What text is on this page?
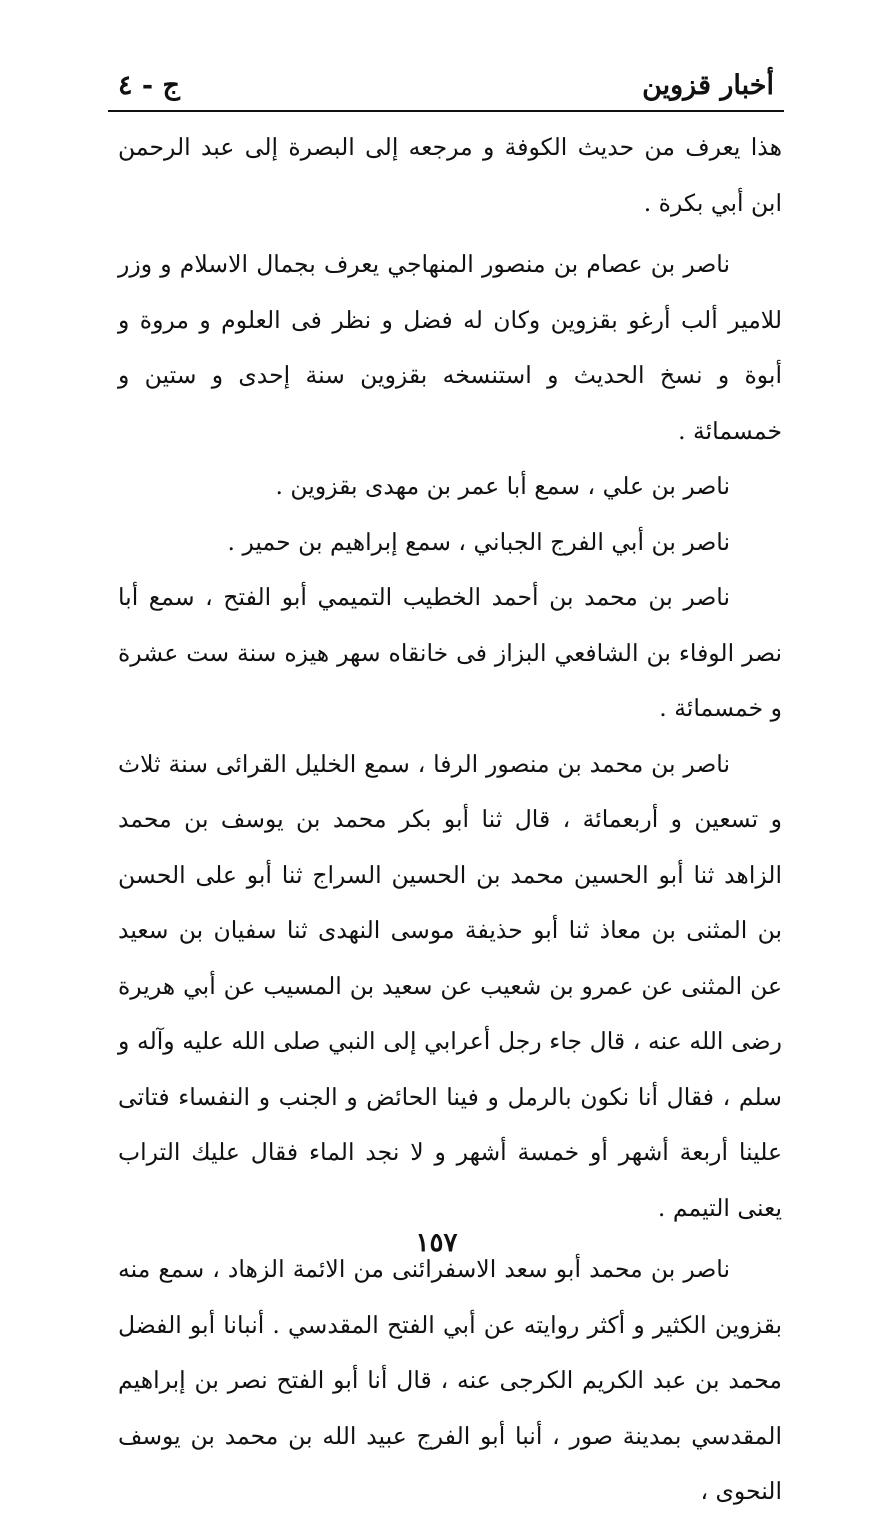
أخبار قزوين
ج - ٤

هذا يعرف من حديث الكوفة و مرجعه إلى البصرة إلى عبد الرحمن ابن أبي بكرة .

ناصر بن عصام بن منصور المنهاجي يعرف بجمال الاسلام و وزر للامير ألب أرغو بقزوين وكان له فضل و نظر فى العلوم و مروة و أبوة و نسخ الحديث و استنسخه بقزوين سنة إحدى و ستين و خمسمائة .

ناصر بن علي ، سمع أبا عمر بن مهدى بقزوين .

ناصر بن أبي الفرج الجباني ، سمع إبراهيم بن حمير .

ناصر بن محمد بن أحمد الخطيب التميمي أبو الفتح ، سمع أبا نصر الوفاء بن الشافعي البزاز فى خانقاه سهر هيزه سنة ست عشرة و خمسمائة .

ناصر بن محمد بن منصور الرفا ، سمع الخليل القرائى سنة ثلاث و تسعين و أربعمائة ، قال ثنا أبو بكر محمد بن يوسف بن محمد الزاهد ثنا أبو الحسين محمد بن الحسين السراج ثنا أبو على الحسن بن المثنى بن معاذ ثنا أبو حذيفة موسى النهدى ثنا سفيان بن سعيد عن المثنى عن عمرو بن شعيب عن سعيد بن المسيب عن أبي هريرة رضى الله عنه ، قال جاء رجل أعرابي إلى النبي صلى الله عليه وآله و سلم ، فقال أنا نكون بالرمل و فينا الحائض و الجنب و النفساء فتاتى علينا أربعة أشهر أو خمسة أشهر و لا نجد الماء فقال عليك التراب يعنى التيمم .

ناصر بن محمد أبو سعد الاسفرائنى من الائمة الزهاد ، سمع منه بقزوين الكثير و أكثر روايته عن أبي الفتح المقدسي . أنبانا أبو الفضل محمد بن عبد الكريم الكرجى عنه ، قال أنا أبو الفتح نصر بن إبراهيم المقدسي بمدينة صور ، أنبا أبو الفرج عبيد الله بن محمد بن يوسف النحوى ،

١٥٧
